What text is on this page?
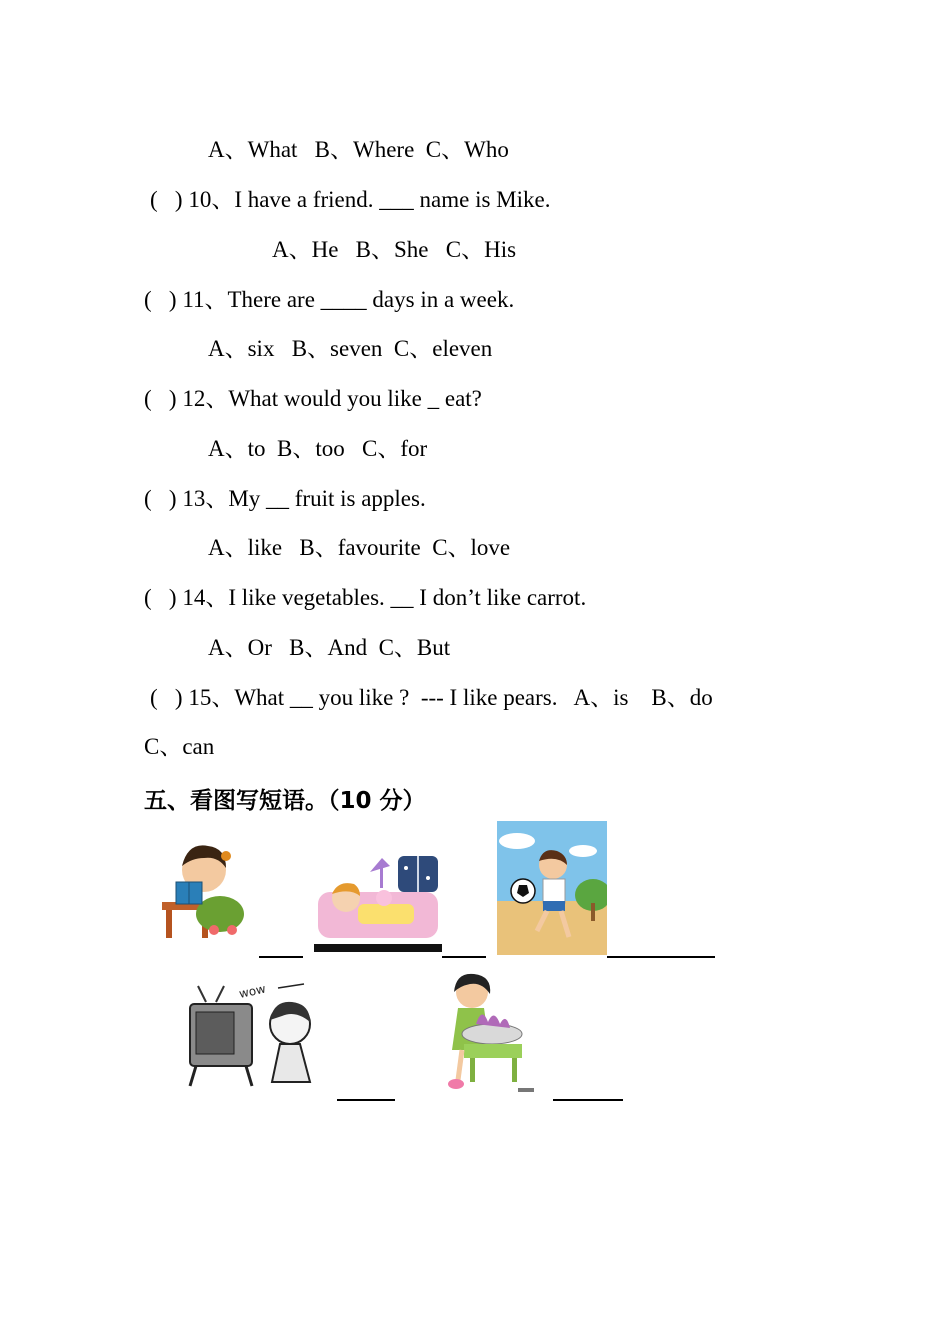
A、What   B、Where  C、Who
(   ) 10、I have a friend. ___ name is Mike.
A、He   B、She   C、His
(   ) 11、There are ____ days in a week.
A、six   B、seven  C、eleven
(   ) 12、What would you like _ eat?
A、to  B、too   C、for
(   ) 13、My __ fruit is apples.
A、like   B、favourite  C、love
(   ) 14、I like vegetables. __ I don’t like carrot.
A、Or   B、And  C、But
(   ) 15、What __ you like ?  --- I like pears.   A、is    B、do
C、can
五、看图写短语。（10 分）
wow
